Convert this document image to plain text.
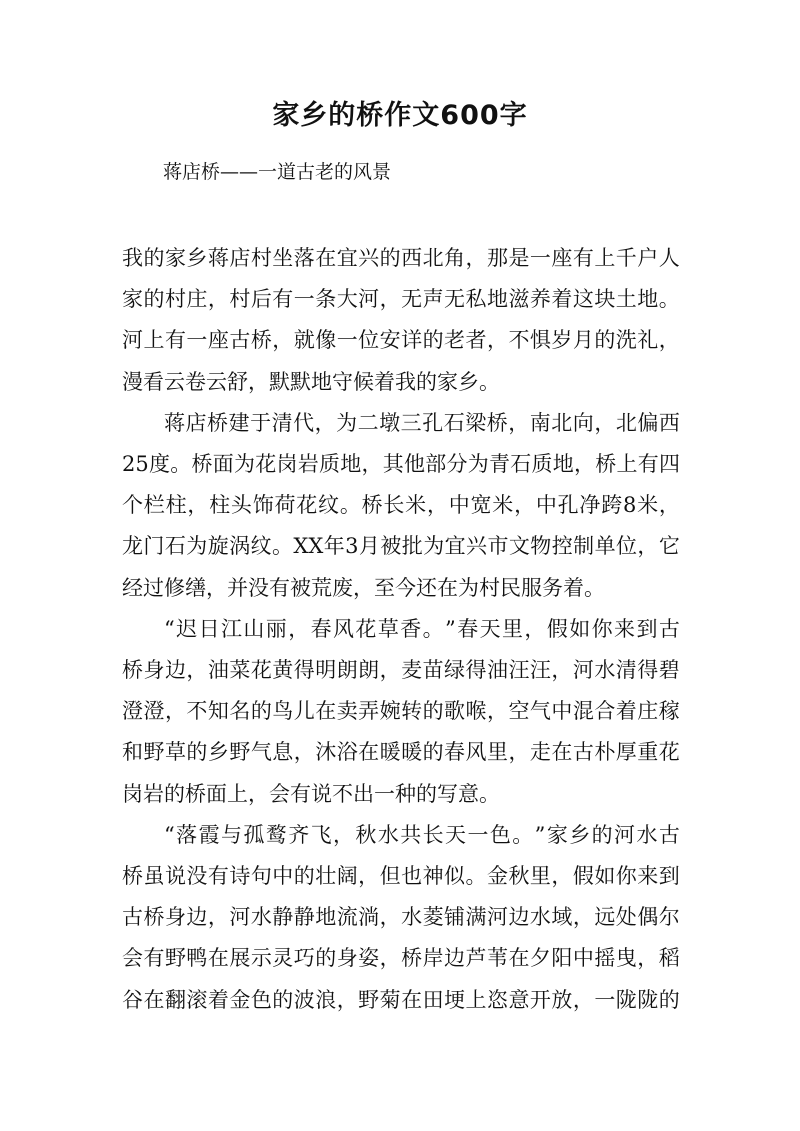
家乡的桥作文600字
蒋店桥——一道古老的风景
我 的 家 乡 蒋 店 村 坐 落 在 宜 兴 的 西 北 角 ， 那 是 一 座 有 上 千 户 人
家 的 村 庄 ， 村 后 有 一 条 大 河 ， 无 声 无 私 地 滋 养 着 这 块 土 地 。
河 上 有 一 座 古 桥 ， 就 像 一 位 安 详 的 老 者 ， 不 惧 岁 月 的 洗 礼 ，
漫 看 云 卷 云 舒 ， 默 默 地 守 候 着 我 的 家 乡 。
蒋 店 桥 建 于 清 代 ， 为 二 墩 三 孔 石 梁 桥 ， 南 北 向 ， 北 偏 西
25 度 。 桥 面 为 花 岗 岩 质 地 ， 其 他 部 分 为 青 石 质 地 ， 桥 上 有 四
个 栏 柱 ， 柱 头 饰 荷 花 纹 。 桥 长 米 ， 中 宽 米 ， 中 孔 净 跨 8 米 ，
龙 门 石 为 旋 涡 纹 。 XX 年 3 月 被 批 为 宜 兴 市 文 物 控 制 单 位 ， 它
经 过 修 缮 ， 并 没 有 被 荒 废 ， 至 今 还 在 为 村 民 服 务 着 。
“ 迟 日 江 山 丽 ， 春 风 花 草 香 。 ” 春 天 里 ， 假 如 你 来 到 古
桥 身 边 ， 油 菜 花 黄 得 明 朗 朗 ， 麦 苗 绿 得 油 汪 汪 ， 河 水 清 得 碧
澄 澄 ， 不 知 名 的 鸟 儿 在 卖 弄 婉 转 的 歌 喉 ， 空 气 中 混 合 着 庄 稼
和 野 草 的 乡 野 气 息 ， 沐 浴 在 暖 暖 的 春 风 里 ， 走 在 古 朴 厚 重 花
岗 岩 的 桥 面 上 ， 会 有 说 不 出 一 种 的 写 意 。
“ 落 霞 与 孤 鹜 齐 飞 ， 秋 水 共 长 天 一 色 。 ” 家 乡 的 河 水 古
桥 虽 说 没 有 诗 句 中 的 壮 阔 ， 但 也 神 似 。 金 秋 里 ， 假 如 你 来 到
古 桥 身 边 ， 河 水 静 静 地 流 淌 ， 水 菱 铺 满 河 边 水 域 ， 远 处 偶 尔
会 有 野 鸭 在 展 示 灵 巧 的 身 姿 ， 桥 岸 边 芦 苇 在 夕 阳 中 摇 曳 ， 稻
谷 在 翻 滚 着 金 色 的 波 浪 ， 野 菊 在 田 埂 上 恣 意 开 放 ， 一 陇 陇 的
